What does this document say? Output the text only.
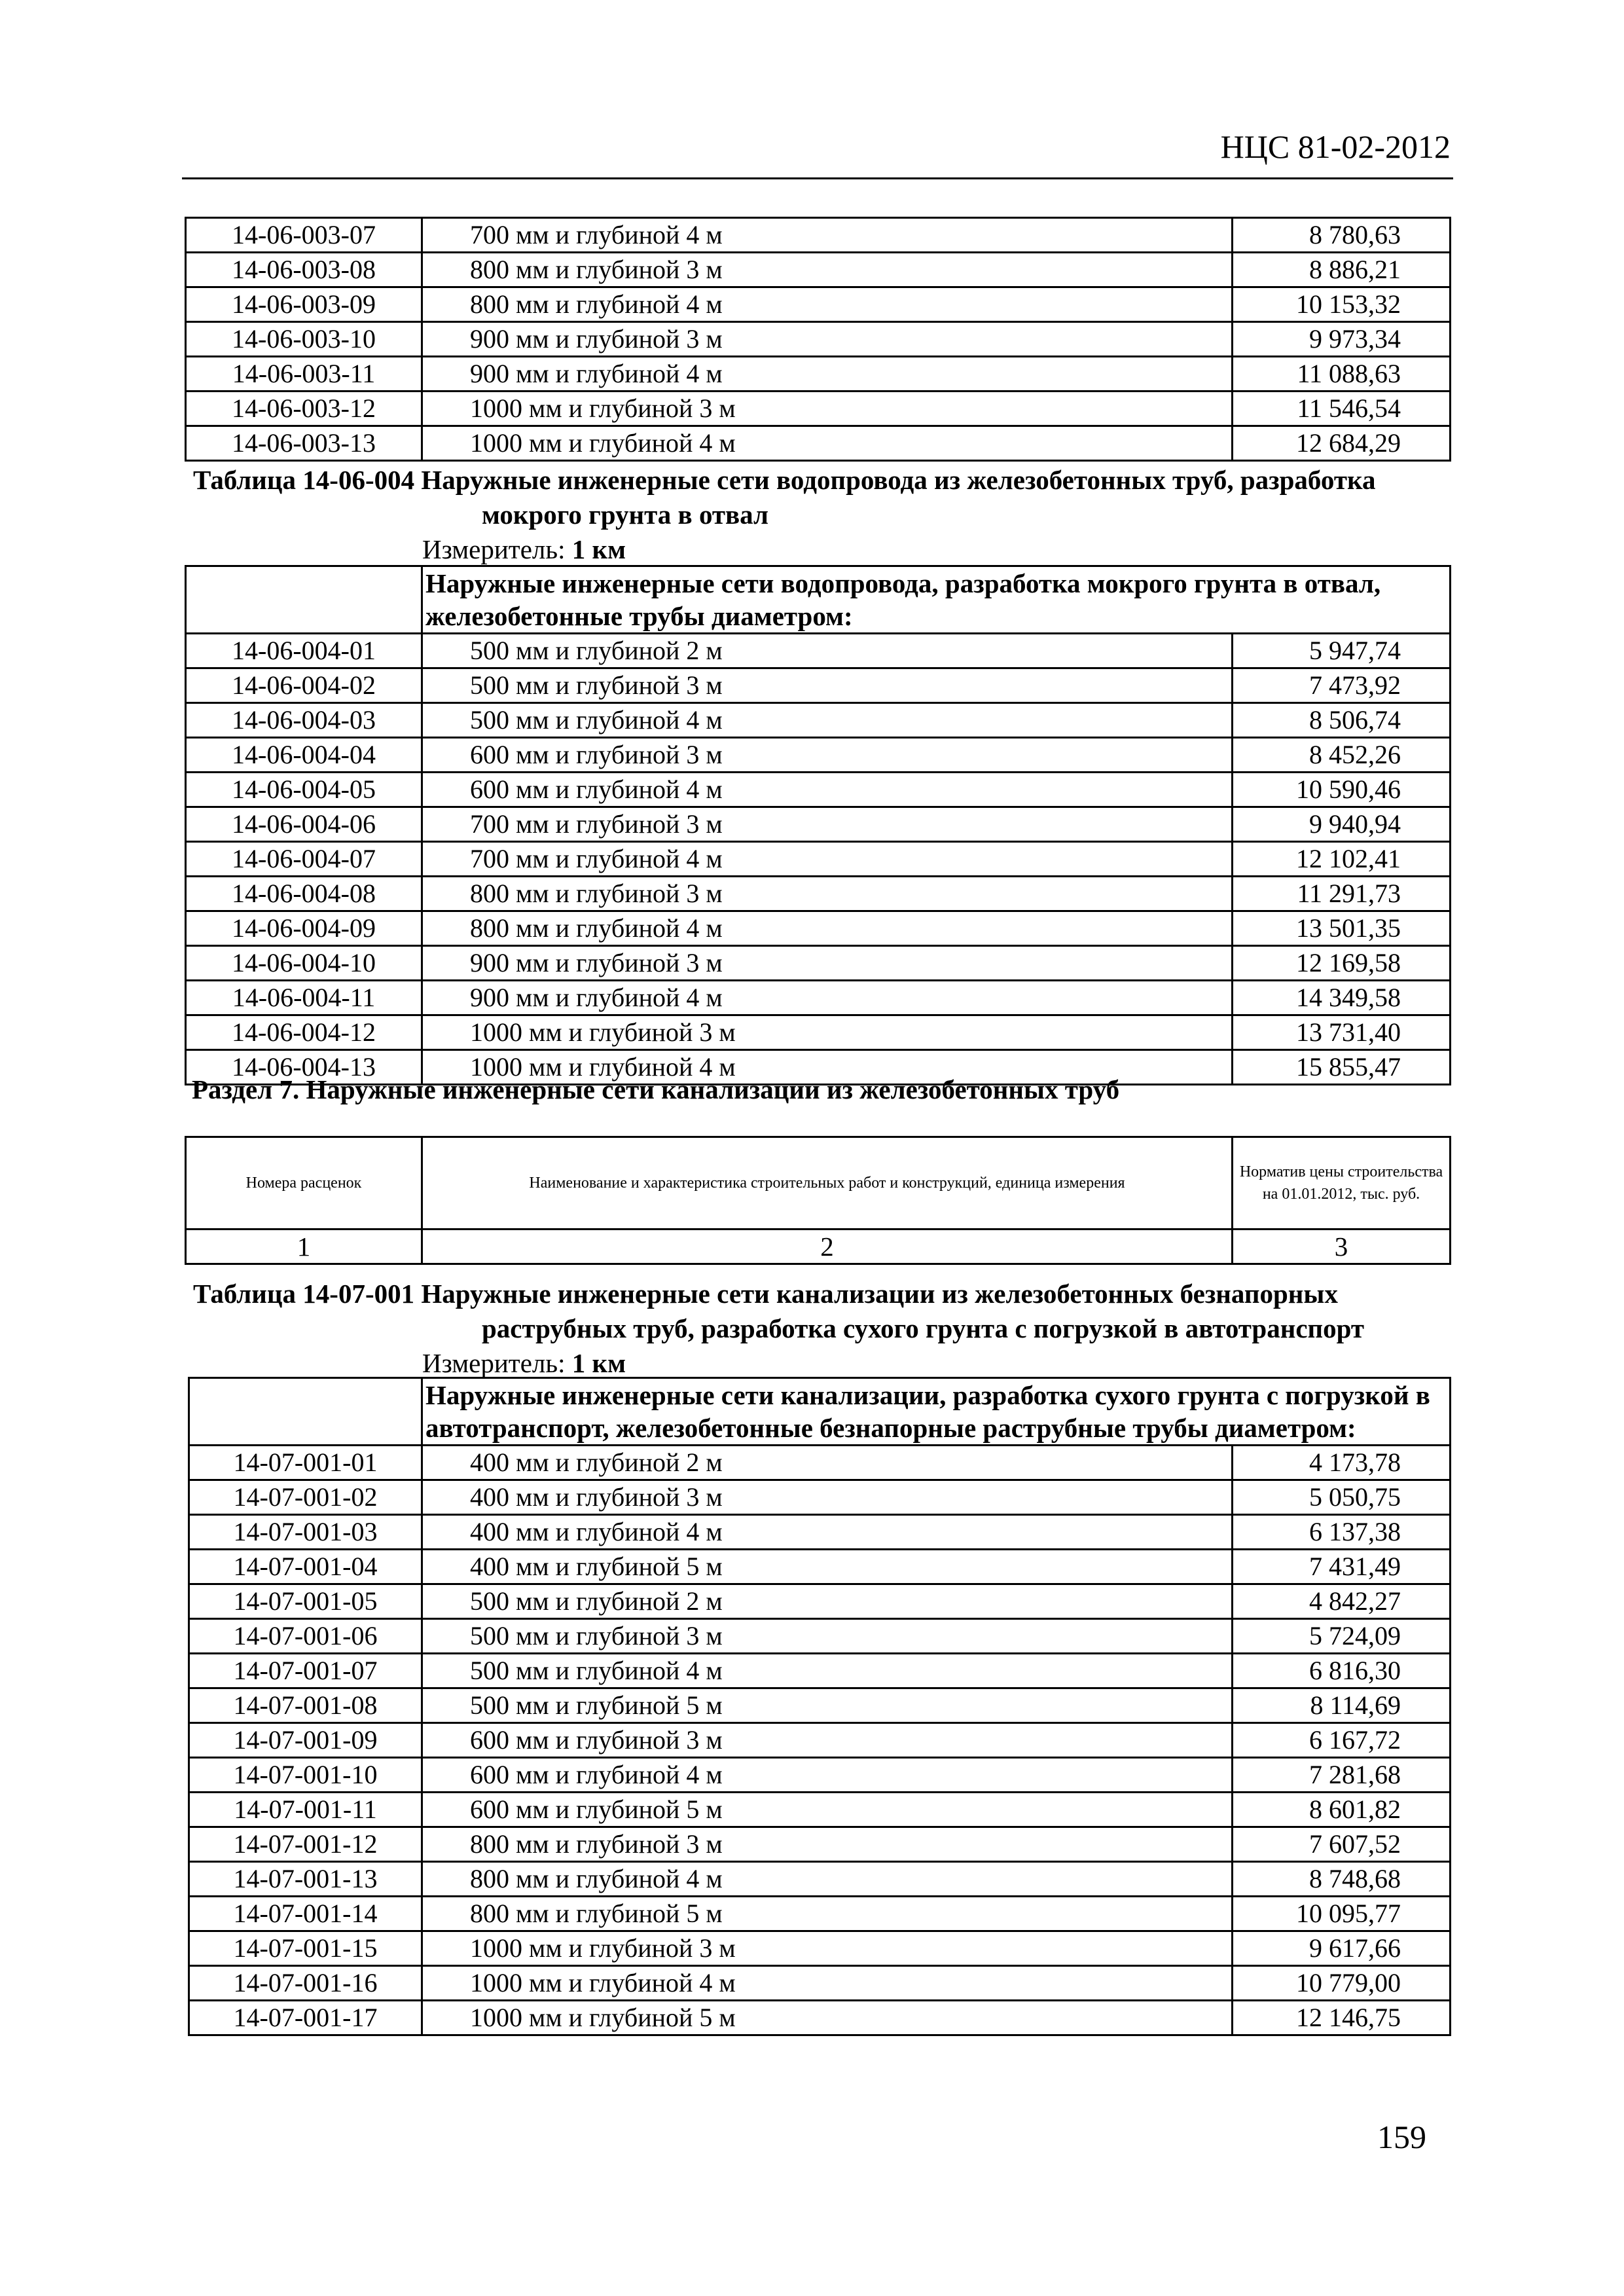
НЦС 81-02-2012
14-06-003-07	700 мм и глубиной 4 м	8 780,63
14-06-003-08	800 мм и глубиной 3 м	8 886,21
14-06-003-09	800 мм и глубиной 4 м	10 153,32
14-06-003-10	900 мм и глубиной 3 м	9 973,34
14-06-003-11	900 мм и глубиной 4 м	11 088,63
14-06-003-12	1000 мм и глубиной 3 м	11 546,54
14-06-003-13	1000 мм и глубиной 4 м	12 684,29
Таблица 14-06-004 Наружные инженерные сети водопровода из железобетонных труб, разработка
мокрого грунта в отвал
Измеритель: 1 км
	Наружные инженерные сети водопровода, разработка мокрого грунта в отвал, железобетонные трубы диаметром:	
14-06-004-01	500 мм и глубиной 2 м	5 947,74
14-06-004-02	500 мм и глубиной 3 м	7 473,92
14-06-004-03	500 мм и глубиной 4 м	8 506,74
14-06-004-04	600 мм и глубиной 3 м	8 452,26
14-06-004-05	600 мм и глубиной 4 м	10 590,46
14-06-004-06	700 мм и глубиной 3 м	9 940,94
14-06-004-07	700 мм и глубиной 4 м	12 102,41
14-06-004-08	800 мм и глубиной 3 м	11 291,73
14-06-004-09	800 мм и глубиной 4 м	13 501,35
14-06-004-10	900 мм и глубиной 3 м	12 169,58
14-06-004-11	900 мм и глубиной 4 м	14 349,58
14-06-004-12	1000 мм и глубиной 3 м	13 731,40
14-06-004-13	1000 мм и глубиной 4 м	15 855,47
Раздел 7. Наружные инженерные сети канализации из железобетонных труб
Номера расценок	Наименование и характеристика строительных работ и конструкций, единица измерения	Норматив цены строительства на 01.01.2012, тыс. руб.
1	2	3
Таблица 14-07-001 Наружные инженерные сети канализации из железобетонных безнапорных
раструбных труб, разработка сухого грунта с погрузкой в автотранспорт
Измеритель: 1 км
	Наружные инженерные сети канализации, разработка сухого грунта с погрузкой в автотранспорт, железобетонные безнапорные раструбные трубы диаметром:	
14-07-001-01	400 мм и глубиной 2 м	4 173,78
14-07-001-02	400 мм и глубиной 3 м	5 050,75
14-07-001-03	400 мм и глубиной 4 м	6 137,38
14-07-001-04	400 мм и глубиной 5 м	7 431,49
14-07-001-05	500 мм и глубиной 2 м	4 842,27
14-07-001-06	500 мм и глубиной 3 м	5 724,09
14-07-001-07	500 мм и глубиной 4 м	6 816,30
14-07-001-08	500 мм и глубиной 5 м	8 114,69
14-07-001-09	600 мм и глубиной 3 м	6 167,72
14-07-001-10	600 мм и глубиной 4 м	7 281,68
14-07-001-11	600 мм и глубиной 5 м	8 601,82
14-07-001-12	800 мм и глубиной 3 м	7 607,52
14-07-001-13	800 мм и глубиной 4 м	8 748,68
14-07-001-14	800 мм и глубиной 5 м	10 095,77
14-07-001-15	1000 мм и глубиной 3 м	9 617,66
14-07-001-16	1000 мм и глубиной 4 м	10 779,00
14-07-001-17	1000 мм и глубиной 5 м	12 146,75
159
